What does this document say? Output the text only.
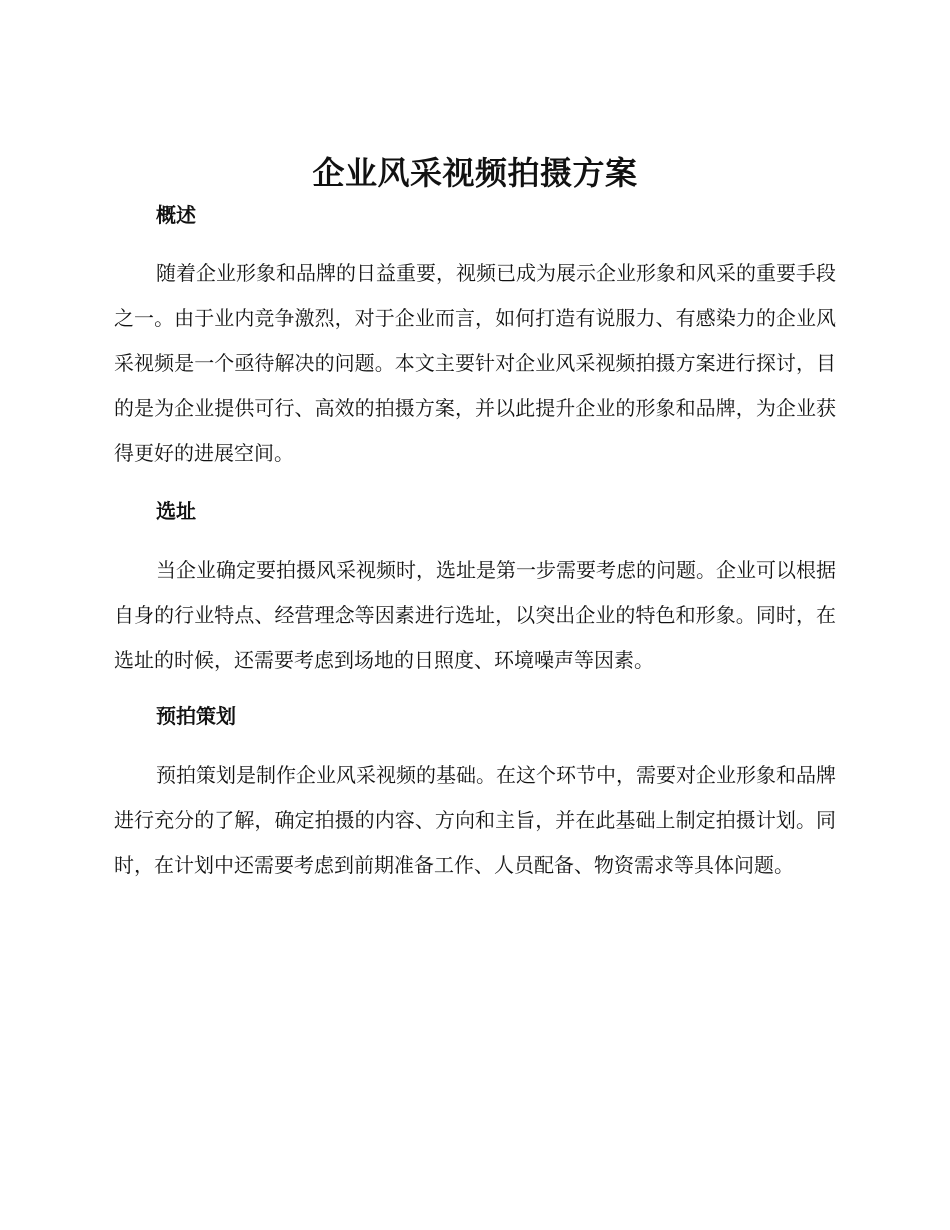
企业风采视频拍摄方案
概述

随着企业形象和品牌的日益重要，视频已成为展示企业形象和风采的重要手段之一。由于业内竞争激烈，对于企业而言，如何打造有说服力、有感染力的企业风采视频是一个亟待解决的问题。本文主要针对企业风采视频拍摄方案进行探讨，目的是为企业提供可行、高效的拍摄方案，并以此提升企业的形象和品牌，为企业获得更好的进展空间。

选址

当企业确定要拍摄风采视频时，选址是第一步需要考虑的问题。企业可以根据自身的行业特点、经营理念等因素进行选址，以突出企业的特色和形象。同时，在选址的时候，还需要考虑到场地的日照度、环境噪声等因素。

预拍策划

预拍策划是制作企业风采视频的基础。在这个环节中，需要对企业形象和品牌进行充分的了解，确定拍摄的内容、方向和主旨，并在此基础上制定拍摄计划。同时，在计划中还需要考虑到前期准备工作、人员配备、物资需求等具体问题。
